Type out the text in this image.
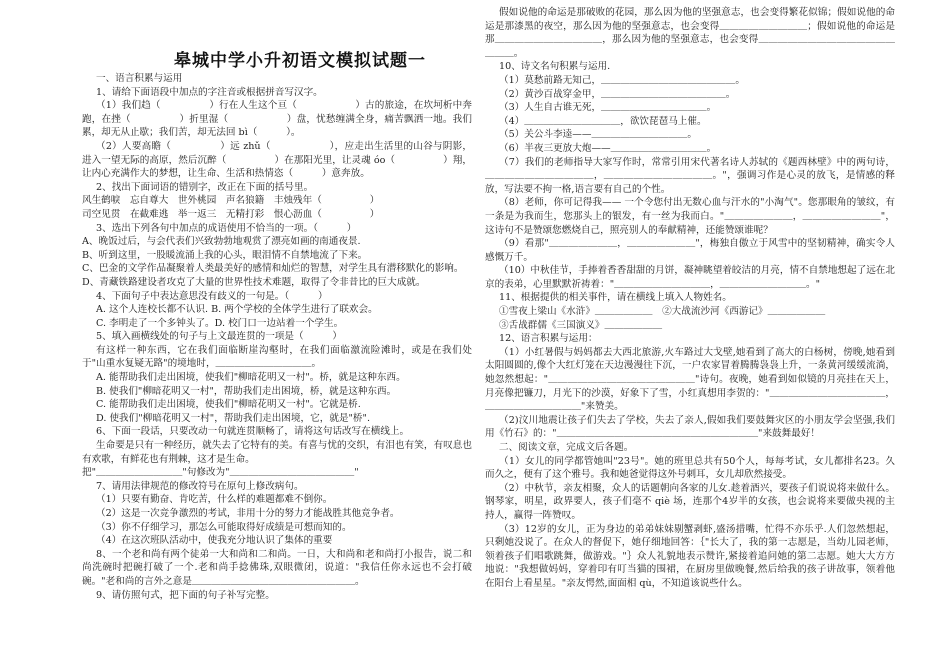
皋城中学小升初语文模拟试题一

一、语言积累与运用

1、请给下面语段中加点的字注音或根据拼音写汉字。

（1）我们趋（　　　　　）行在人生这个亘（　　　　　　）古的旅途，在坎坷析中奔跑，在挫（　　　　　）折里湿（　　　　　　）盘，忧愁缠满全身，痛苦飘洒一地。我们累，却无从止歇；我们苦，却无法回 bì（　　　）。

（2）人要高瞻（　　　　　）远 zhǔ（　　　　　　），应走出生活里的山谷与阴影，进入一望无际的高原，然后沉醉（　　　　　）在那阳光里，让灵魂 óo（　　　　　）翔，让内心充满作大的梦想，让生命、生活和热情恣（　　　）意奔放。

2、找出下面词语的错别字，改正在下面的括号里。

风生鹤唳　忘自尊大　世外桃园　声名狼籍　丰烛残年（　　　　　）

司空见贯　在截难逃　举一返三　无精打彩　恨心沥血（　　　　　）

3、选出下列各句中加点的成语使用不恰当的一项。（　　　）

A、晚饭过后，与会代表们兴致勃勃地观赏了漂亮如画的南通夜景.

B、听到这里，一股暖流涌上我的心头，眼泪情不自禁地流了下来。

C、巴金的文学作品凝聚着人类最美好的感情和灿烂的智慧，对学生具有潜移默化的影响。

D、青藏铁路建设者攻克了大量的世界性技术难题，取得了令非昔比的巨大成就。

4、下面句子中表达意思没有歧义的一句是。（　　　）

A. 这个人连校长都不认识. B. 两个学校的全体学生进行了联欢会。

C. 李明走了一个多钟头了。D. 校门口一边站着一个学生。

5、填入画横线处的句子与上文最连贯的一项是（　　　）

有这样一种东西，它在我们面临断崖沟壑时，在我们面临激流险滩时，或是在我们处于"山重水复疑无路"的境地时，＿＿＿＿＿＿＿＿＿＿。

A. 能帮助我们走出困境，使我们"柳暗花明又一村"。桥，就是这种东西。

B. 使我们"柳暗花明又一村"，帮助我们走出困境，桥，就是这种东西。

C. 能帮助我们走出困境，使我们"柳暗花明又一村"。它就是桥.

D. 使我们"柳暗花明又一村"，帮助我们走出困境，它，就是"桥".

6、下面一段话，只要改动一句就连贯顺畅了，请将这句话改写在横线上。

生命要是只有一种经历，就失去了它特有的美。有喜与忧的交织，有泪也有笑，有叹息也有欢歌，有鲜花也有荆棘，这才是生命。

把"＿＿＿＿＿＿＿＿＿"句修改为"＿＿＿＿＿＿＿＿＿＿＿＿＿"

7、请用法律规范的修改符号在原句上修改病句。

（1）只要有勤奋、肯吃苦，什么样的难题都难不倒你。

（2）这是一次竞争激烈的考试，非用十分的努力才能战胜其他竞争者。

（3）你不仔细学习，那怎么可能取得好成绩是可想而知的。

（4）在这次班队活动中，使我充分地认识了集体的重要

8、一个老和尚有两个徒弟一大和尚和二和尚。一日，大和尚和老和尚打小报告，说二和尚洗碗时把碗打破了一个.老和尚手捻佛珠,双眼微闭，说道："我信任你永远也不会打破碗。"老和尚的言外之意是＿＿＿＿＿＿＿＿＿＿＿＿＿＿＿＿＿。

9、请仿照句式，把下面的句子补写完整。

假如说他的命运是那破败的花园，那么因为他的坚强意志，也会变得繁花似锦；假如说他的命运是那漆黑的夜空，那么因为他的坚强意志，也会变得＿＿＿＿＿＿＿＿＿；假如说他的命运是那＿＿＿＿＿＿＿＿＿＿＿，那么因为他的坚强意志，也会变得＿＿＿＿＿＿＿＿＿＿＿＿＿＿＿＿＿。

10、诗文名句积累与运用.

（1）莫愁前路无知己，＿＿＿＿＿＿＿＿＿＿＿＿＿＿。

（2）黄沙百战穿金甲，＿＿＿＿＿＿＿＿＿＿＿＿＿。

（3）人生自古谁无死，＿＿＿＿＿＿＿＿＿＿＿。

（4）＿＿＿＿＿＿＿＿＿＿，欲饮琵琶马上催。

（5）关公斗李逵——＿＿＿＿＿＿＿＿＿＿。

（6）半夜三更放大炮——＿＿＿＿＿＿＿＿＿＿。

（7）我们的老师指导大家写作时，常常引用宋代著名诗人苏轼的《题西林壁》中的两句诗，＿＿＿＿＿＿＿＿＿＿＿，＿＿＿＿＿＿＿＿＿＿＿。"，强调习作是心灵的放飞，是情感的释放，写法要不拘一格,语言要有自己的个性。

（8）老师，你可记得我—— 一个令您付出无数心血与汗水的"小淘气"。您那眼角的皱纹，有一条是为我而生，您那头上的银发，有一丝为我而白。"＿＿＿＿＿＿＿，＿＿＿＿＿＿＿＿"，这诗句不是赞颂您燃烧自己，照亮别人的奉献精神，还能赞颂谁呢？

（9）看那"＿＿＿＿＿＿＿，＿＿＿＿＿＿＿"，梅独自傲立于风雪中的坚韧精神，确实令人感慨万千。

（10）中秋佳节，手捧着香香甜甜的月饼，凝神眺望着皎洁的月亮，情不自禁地想起了远在北京的表弟，心里默默祈祷着："＿＿＿＿＿＿＿＿＿＿，＿＿＿＿＿＿＿＿＿。"

11、根据提供的相关事件，请在横线上填入人物姓名。

①雪夜上梁山《水浒》＿＿＿＿＿＿　②大战流沙河《西游记》＿＿＿＿＿＿

③舌战群儒《三国演义》＿＿＿＿＿＿

12、语言积累与运用：

（1）小红暑假与妈妈都去大西北旅游,火车路过大戈壁,她看到了高大的白杨树，傍晚,她看到太阳圆圆的,像个大红灯笼在天边漫漫往下沉，一户农家冒着腾腾袅袅上升，一条黄河缓缓流淌，她忽然想起："＿＿＿＿＿＿＿＿＿＿＿＿＿＿＿"诗句。夜晚，她看到如似镜的月亮挂在天上，月亮像把镰刀，月光下的沙漠，好象下了雪，小红真想用李贺的："＿＿＿＿＿＿＿＿＿＿＿＿，＿＿＿＿＿＿＿＿＿＿"来赞美。

（2)汶川地震让孩子们失去了学校，失去了亲人,假如我们要鼓舞灾区的小朋友学会坚强,我们用《竹石》的："＿＿＿＿＿＿＿＿＿＿＿＿＿＿＿＿＿＿＿＿＿"来鼓舞最好！

二、阅读文章，完成文后各题。

（1）女儿的同学都管她叫"23号"。她的班里总共有50个人，每每考试，女儿都排名23。久而久之，便有了这个雅号。我和她爸觉得这外号刺耳，女儿却欣然接受。

（2）中秋节，亲友相聚，众人的话题朝向各家的儿女.趁着酒兴，要孩子们说说将来做什么。钢琴家，明星，政界要人，孩子们毫不 qiè 场，连那个4岁半的女孩，也会说将来要做央视的主持人，赢得一阵赞叹。

（3）12岁的女儿，正为身边的弟弟妹妹剔蟹剥虾,盛汤措嘴，忙得不亦乐乎.人们忽然想起，只剩她没说了。在众人的督促下，她仔细地回答：｛"长大了，我的第一志愿是，当幼儿园老师，领着孩子们唱歌跳舞，做游戏。"｝众人礼貌地表示赞许,紧接着追问她的第二志愿。她大大方方地说："我想做妈妈，穿着印有叮当猫的围裙，在厨房里做晚餐,然后给我的孩子讲故事，领着他在阳台上看星星。"亲友愕然,面面相 qù，不知道该说些什么。
